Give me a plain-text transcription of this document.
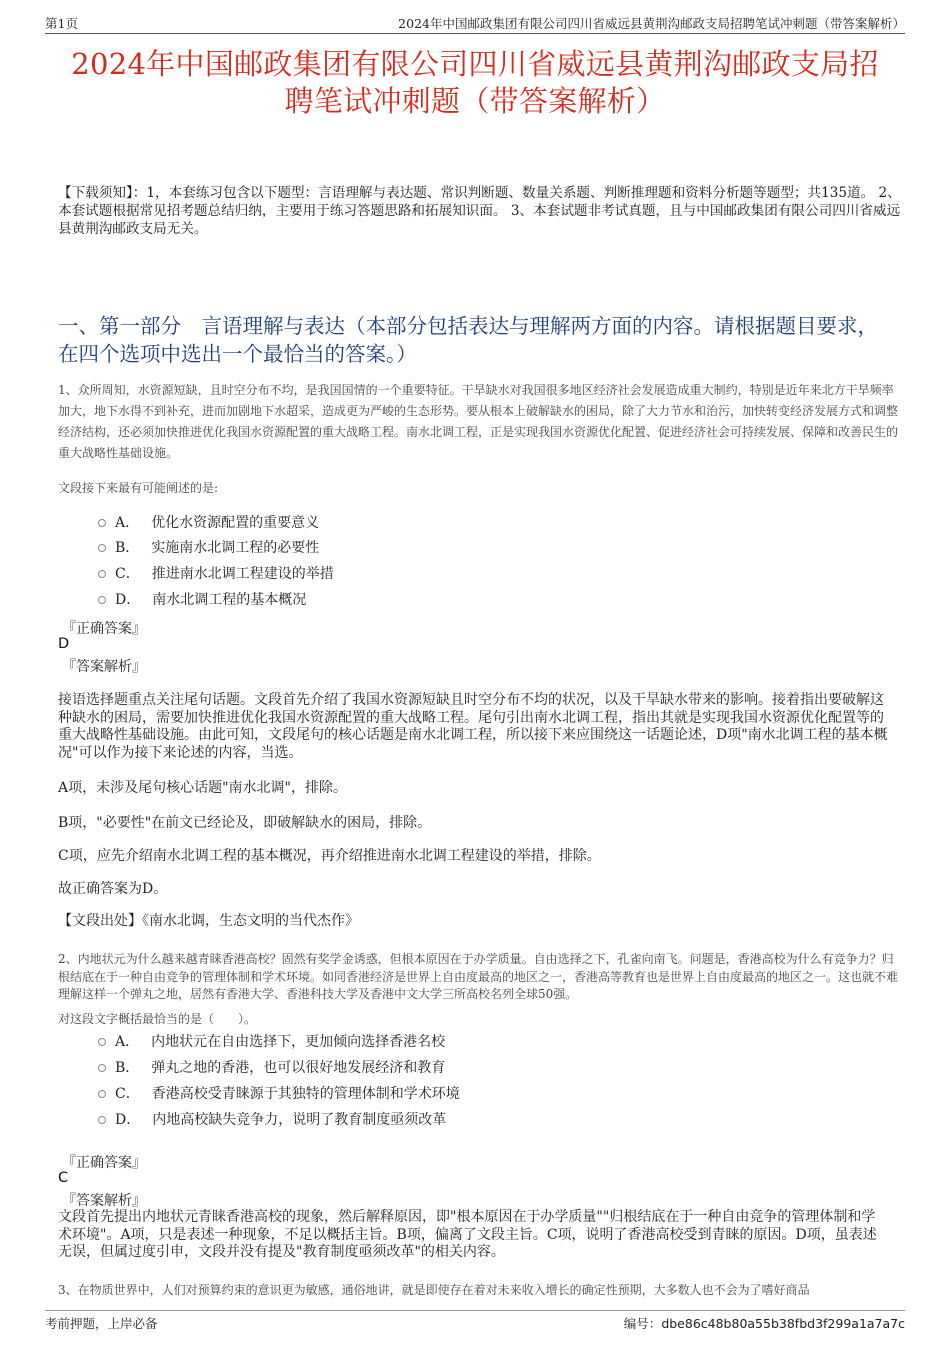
第1页	2024年中国邮政集团有限公司四川省威远县黄荆沟邮政支局招聘笔试冲刺题（带答案解析）
2024年中国邮政集团有限公司四川省威远县黄荆沟邮政支局招
聘笔试冲刺题（带答案解析）
【下载须知】：1，本套练习包含以下题型：言语理解与表达题、常识判断题、数量关系题、判断推理题和资料分析题等题型；共135道。 2、本套试题根据常见招考题总结归纳，主要用于练习答题思路和拓展知识面。 3、本套试题非考试真题，且与中国邮政集团有限公司四川省威远县黄荆沟邮政支局无关。
一、第一部分　言语理解与表达（本部分包括表达与理解两方面的内容。请根据题目要求，在四个选项中选出一个最恰当的答案。）
1、众所周知，水资源短缺，且时空分布不均，是我国国情的一个重要特征。干旱缺水对我国很多地区经济社会发展造成重大制约，特别是近年来北方干旱频率加大，地下水得不到补充，进而加剧地下水超采，造成更为严峻的生态形势。要从根本上破解缺水的困局，除了大力节水和治污，加快转变经济发展方式和调整经济结构，还必须加快推进优化我国水资源配置的重大战略工程。南水北调工程，正是实现我国水资源优化配置、促进经济社会可持续发展、保障和改善民生的重大战略性基础设施。
文段接下来最有可能阐述的是:
A． 优化水资源配置的重要意义
B． 实施南水北调工程的必要性
C． 推进南水北调工程建设的举措
D． 南水北调工程的基本概况
『正确答案』
D
『答案解析』
接语选择题重点关注尾句话题。文段首先介绍了我国水资源短缺且时空分布不均的状况，以及干旱缺水带来的影响。接着指出要破解这种缺水的困局，需要加快推进优化我国水资源配置的重大战略工程。尾句引出南水北调工程，指出其就是实现我国水资源优化配置等的重大战略性基础设施。由此可知，文段尾句的核心话题是南水北调工程，所以接下来应围绕这一话题论述，D项"南水北调工程的基本概况"可以作为接下来论述的内容，当选。
A项，未涉及尾句核心话题"南水北调"，排除。
B项，"必要性"在前文已经论及，即破解缺水的困局，排除。
C项，应先介绍南水北调工程的基本概况，再介绍推进南水北调工程建设的举措，排除。
故正确答案为D。
【文段出处】《南水北调，生态文明的当代杰作》
2、内地状元为什么越来越青睐香港高校？固然有奖学金诱惑，但根本原因在于办学质量。自由选择之下，孔雀向南飞。问题是，香港高校为什么有竞争力？归根结底在于一种自由竞争的管理体制和学术环境。如同香港经济是世界上自由度最高的地区之一，香港高等教育也是世界上自由度最高的地区之一。这也就不难理解这样一个弹丸之地，居然有香港大学、香港科技大学及香港中文大学三所高校名列全球50强。
对这段文字概括最恰当的是（　　）。
A． 内地状元在自由选择下，更加倾向选择香港名校
B． 弹丸之地的香港，也可以很好地发展经济和教育
C． 香港高校受青睐源于其独特的管理体制和学术环境
D． 内地高校缺失竞争力，说明了教育制度亟须改革
『正确答案』
C
『答案解析』
文段首先提出内地状元青睐香港高校的现象，然后解释原因，即"根本原因在于办学质量""归根结底在于一种自由竞争的管理体制和学术环境"。A项，只是表述一种现象，不足以概括主旨。B项，偏离了文段主旨。C项，说明了香港高校受到青睐的原因。D项，虽表述无误，但属过度引申，文段并没有提及"教育制度亟须改革"的相关内容。
3、在物质世界中，人们对预算约束的意识更为敏感，通俗地讲，就是即使存在着对未来收入增长的确定性预期，大多数人也不会为了嗜好商品
考前押题，上岸必备	编号：dbe86c48b80a55b38fbd3f299a1a7a7c
